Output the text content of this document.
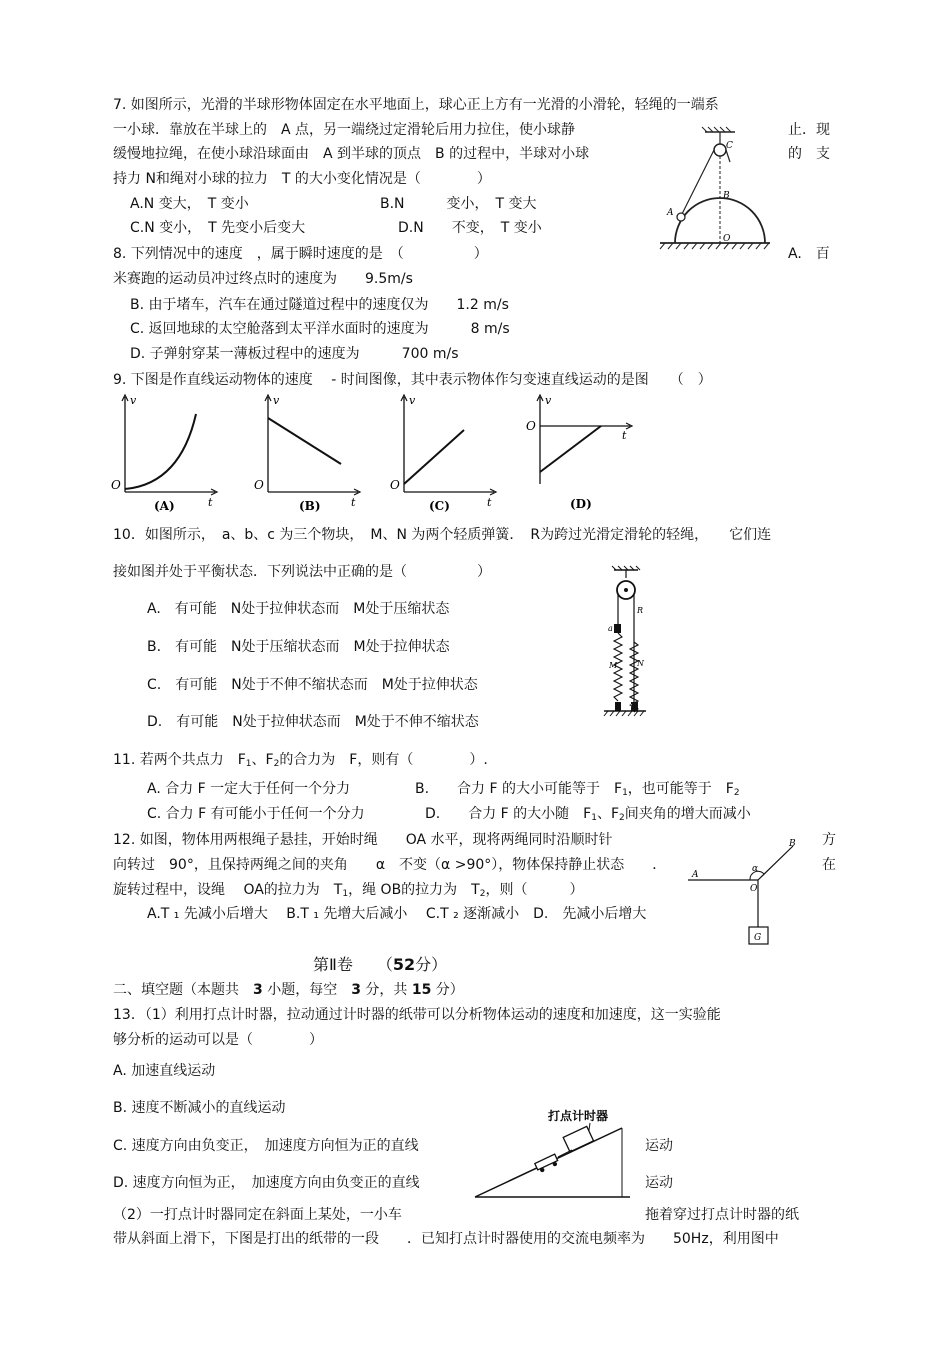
7. 如图所示，光滑的半球形物体固定在水平地面上，球心正上方有一光滑的小滑轮，轻绳的一端系
一小球．靠放在半球上的　A 点，另一端绕过定滑轮后用力拉住，使小球静	止．现
缓慢地拉绳，在使小球沿球面由　A 到半球的顶点　B 的过程中，半球对小球	的　支
持力 N和绳对小球的拉力　T 的大小变化情况是（　　　　）
A.N 变大，　T 变小	B.N　　　变小，　T 变大
C.N 变小，　T 先变小后变大	D.N　　不变，　T 变小
C
B
A
O
8. 下列情况中的速度　，属于瞬时速度的是　（　　　　　）	A.　百
米赛跑的运动员冲过终点时的速度为　　9.5m/s
B. 由于堵车，汽车在通过隧道过程中的速度仅为　　1.2 m/s
C. 返回地球的太空舱落到太平洋水面时的速度为　　　8 m/s
D. 子弹射穿某一薄板过程中的速度为　　　700 m/s
9. 下图是作直线运动物体的速度　 - 时间图像，其中表示物体作匀变速直线运动的是图　　（　）
v
t
O
(A)
v
t
O
(B)
v
t
O
(C)
v
t
O
(D)
10．如图所示，　a、b、c 为三个物块，　M、N 为两个轻质弹簧．　R为跨过光滑定滑轮的轻绳，　　它们连
接如图并处于平衡状态．下列说法中正确的是（　　　　　）
A.　有可能　N处于拉伸状态而　M处于压缩状态
B.　有可能　N处于压缩状态而　M处于拉伸状态
C.　有可能　N处于不伸不缩状态而　M处于拉伸状态
D.　有可能　N处于拉伸状态而　M处于不伸不缩状态
R
a
M N
b c
11. 若两个共点力　$F_1$、$F_2$的合力为　F，则有（　　　　）.
A. 合力 F 一定大于任何一个分力	B.　　合力 F 的大小可能等于　$F_1$，也可能等于　$F_2$
C. 合力 F 有可能小于任何一个分力	D.　　合力 F 的大小随　$F_1$、$F_2$间夹角的增大而减小
12. 如图，物体用两根绳子悬挂，开始时绳　　OA 水平，现将两绳同时沿顺时针	方
向转过　90°，且保持两绳之间的夹角　　α　不变（α >90°），物体保持静止状态　　．	在
旋转过程中，设绳　 OA的拉力为　$T_1$，绳 OB的拉力为　$T_2$，则（　　　）
A.T ₁ 先减小后增大　 B.T ₁ 先增大后减小　 C.T ₂ 逐渐减小　D.　先减小后增大
A
B
O
α
G
第Ⅱ卷　　（52分）
二、填空题（本题共　3 小题，每空　3 分，共 15 分）
13．（1）利用打点计时器，拉动通过计时器的纸带可以分析物体运动的速度和加速度，这一实验能
够分析的运动可以是（　　　　）
A. 加速直线运动
B. 速度不断减小的直线运动
C. 速度方向由负变正，　加速度方向恒为正的直线	运动
D. 速度方向恒为正，　加速度方向由负变正的直线	运动
（2）一打点计时器同定在斜面上某处，一小车	拖着穿过打点计时器的纸
带从斜面上滑下，下图是打出的纸带的一段　　．已知打点计时器使用的交流电频率为　　50Hz，利用图中
打点计时器
